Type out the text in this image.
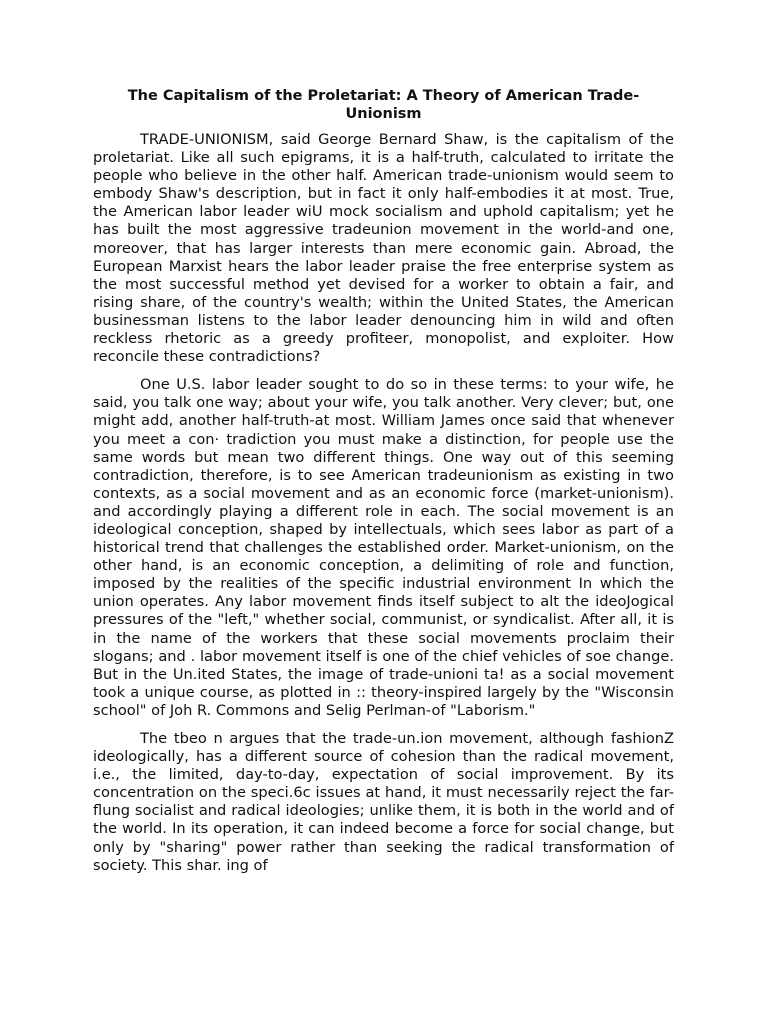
The Capitalism of the Proletariat: A Theory of American Trade-Unionism

TRADE-UNIONISM, said George Bernard Shaw, is the capitalism of the proletariat. Like all such epigrams, it is a half-truth, calculated to irritate the people who believe in the other half. American trade-unionism would seem to embody Shaw's description, but in fact it only half-embodies it at most. True, the American labor leader wiU mock socialism and uphold capitalism; yet he has built the most aggressive tradeunion movement in the world-and one, moreover, that has larger interests than mere economic gain. Abroad, the European Marxist hears the labor leader praise the free enterprise system as the most successful method yet devised for a worker to obtain a fair, and rising share, of the country's wealth; within the United States, the American businessman listens to the labor leader denouncing him in wild and often reckless rhetoric as a greedy profiteer, monopolist, and exploiter. How reconcile these contradictions?

One U.S. labor leader sought to do so in these terms: to your wife, he said, you talk one way; about your wife, you talk another. Very clever; but, one might add, another half-truth-at most. William James once said that whenever you meet a con· tradiction you must make a distinction, for people use the same words but mean two different things. One way out of this seeming contradiction, therefore, is to see American tradeunionism as existing in two contexts, as a social movement and as an economic force (market-unionism). and accordingly playing a different role in each. The social movement is an ideological conception, shaped by intellectuals, which sees labor as part of a historical trend that challenges the established order. Market-unionism, on the other hand, is an economic conception, a delimiting of role and function, imposed by the realities of the specific industrial environment In which the union operates. Any labor movement finds itself subject to alt the ideoJogical pressures of the "left," whether social, communist, or syndicalist. After all, it is in the name of the workers that these social movements proclaim their slogans; and . labor movement itself is one of the chief vehicles of soe change. But in the Un.ited States, the image of trade-unioni ta! as a social movement took a unique course, as plotted in :: theory-inspired largely by the "Wisconsin school" of Joh R. Commons and Selig Perlman-of "Laborism."

The tbeo n argues that the trade-un.ion movement, although fashionZ ideologically, has a different source of cohesion than the radical movement, i.e., the limited, day-to-day, expectation of social improvement. By its concentration on the speci.6c issues at hand, it must necessarily reject the far-flung socialist and radical ideologies; unlike them, it is both in the world and of the world. In its operation, it can indeed become a force for social change, but only by "sharing" power rather than seeking the radical transformation of society. This shar. ing of
